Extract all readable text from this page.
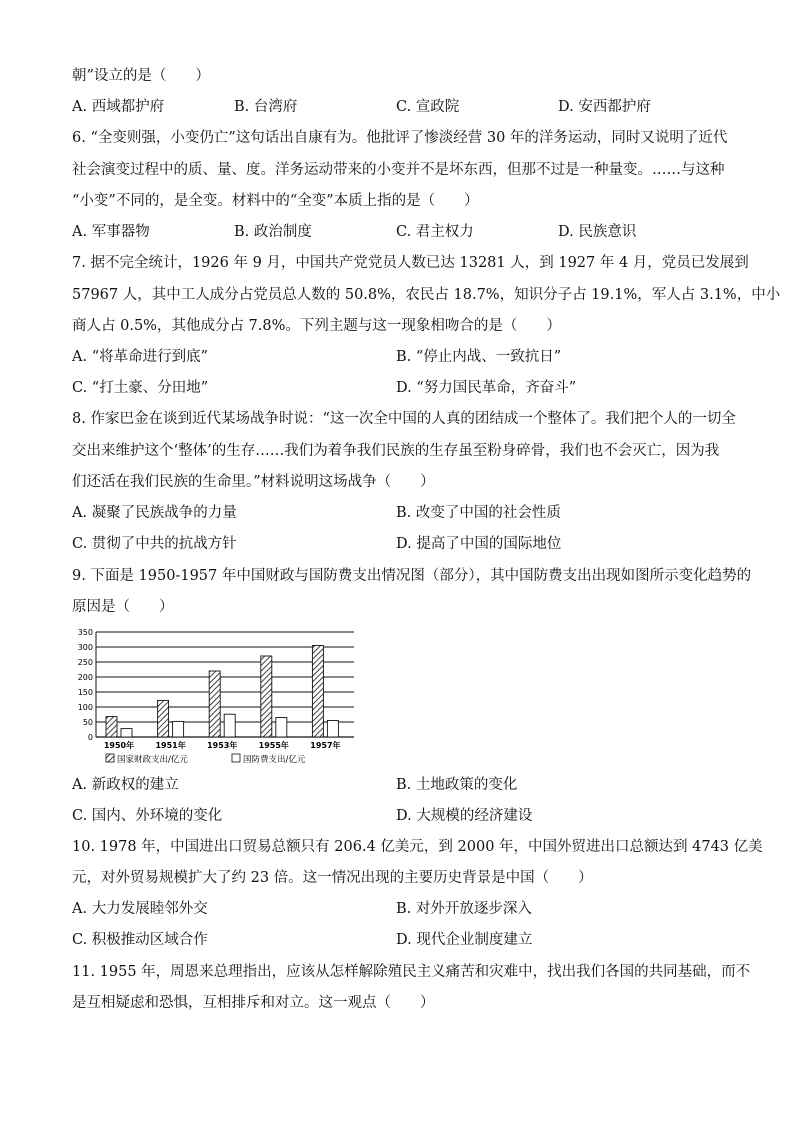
朝”设立的是（　　）
A. 西域都护府	B. 台湾府	C. 宣政院	D. 安西都护府
6. “全变则强，小变仍亡”这句话出自康有为。他批评了惨淡经营 30 年的洋务运动，同时又说明了近代
社会演变过程中的质、量、度。洋务运动带来的小变并不是坏东西，但那不过是一种量变。……与这种
“小变”不同的，是全变。材料中的“全变”本质上指的是（　　）
A. 军事器物	B. 政治制度	C. 君主权力	D. 民族意识
7. 据不完全统计，1926 年 9 月，中国共产党党员人数已达 13281 人，到 1927 年 4 月，党员已发展到
57967 人，其中工人成分占党员总人数的 50.8%，农民占 18.7%，知识分子占 19.1%，军人占 3.1%，中小
商人占 0.5%，其他成分占 7.8%。下列主题与这一现象相吻合的是（　　）
A. “将革命进行到底”	B. “停止内战、一致抗日”
C. “打土豪、分田地”	D. “努力国民革命，齐奋斗”
8. 作家巴金在谈到近代某场战争时说：“这一次全中国的人真的团结成一个整体了。我们把个人的一切全
交出来维护这个‘整体’的生存……我们为着争我们民族的生存虽至粉身碎骨，我们也不会灭亡，因为我
们还活在我们民族的生命里。”材料说明这场战争（　　）
A. 凝聚了民族战争的力量	B. 改变了中国的社会性质
C. 贯彻了中共的抗战方针	D. 提高了中国的国际地位
9. 下面是 1950-1957 年中国财政与国防费支出情况图（部分），其中国防费支出出现如图所示变化趋势的
原因是（　　）
0
50
100
150
200
250
300
350
1950年	1951年	1953年	1955年	1957年
国家财政支出/亿元	国防费支出/亿元
A. 新政权的建立	B. 土地政策的变化
C. 国内、外环境的变化	D. 大规模的经济建设
10. 1978 年，中国进出口贸易总额只有 206.4 亿美元，到 2000 年，中国外贸进出口总额达到 4743 亿美
元，对外贸易规模扩大了约 23 倍。这一情况出现的主要历史背景是中国（　　）
A. 大力发展睦邻外交	B. 对外开放逐步深入
C. 积极推动区域合作	D. 现代企业制度建立
11. 1955 年，周恩来总理指出，应该从怎样解除殖民主义痛苦和灾难中，找出我们各国的共同基础，而不
是互相疑虑和恐惧，互相排斥和对立。这一观点（　　）
